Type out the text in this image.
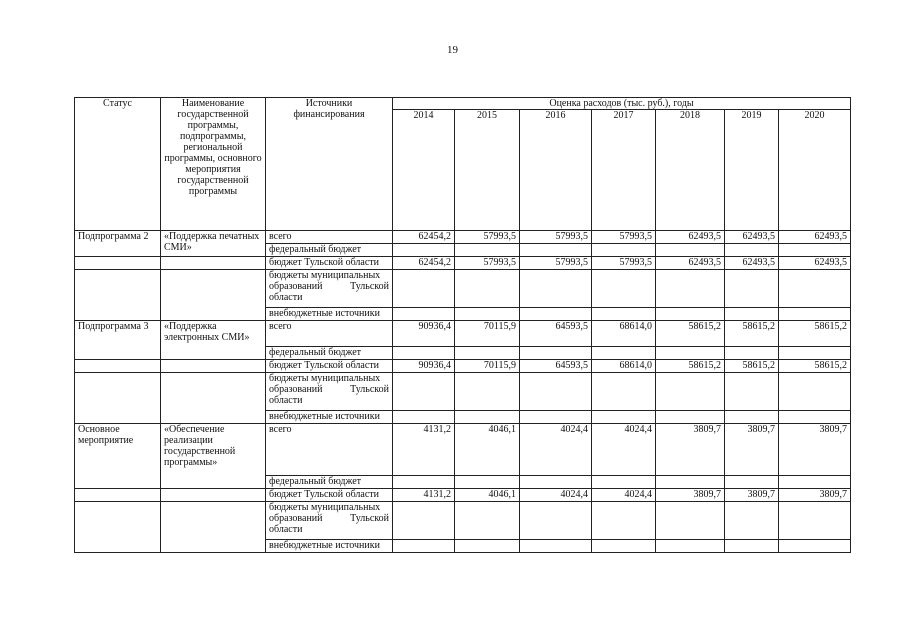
19
Статус	Наименование государственной программы, подпрограммы, региональной программы, основного мероприятия государственной программы	Источники финансирования	Оценка расходов (тыс. руб.), годы						
			2014	2015	2016	2017	2018	2019	2020
Подпрограмма 2	«Поддержка печатных СМИ»	всего	62454,2	57993,5	57993,5	57993,5	62493,5	62493,5	62493,5
		федеральный бюджет							
		бюджет Тульской области	62454,2	57993,5	57993,5	57993,5	62493,5	62493,5	62493,5

		бюджеты муниципальных
образований Тульской
области							

		внебюджетные источники							
Подпрограмма 3	«Поддержка электронных СМИ»	всего	90936,4	70115,9	64593,5	68614,0	58615,2	58615,2	58615,2
		федеральный бюджет							
		бюджет Тульской области	90936,4	70115,9	64593,5	68614,0	58615,2	58615,2	58615,2

		бюджеты муниципальных
образований Тульской
области							

		внебюджетные источники							
Основное мероприятие	«Обеспечение реализации государственной программы»	всего	4131,2	4046,1	4024,4	4024,4	3809,7	3809,7	3809,7
		федеральный бюджет							
		бюджет Тульской области	4131,2	4046,1	4024,4	4024,4	3809,7	3809,7	3809,7

		бюджеты муниципальных
образований Тульской
области							

		внебюджетные источники							
